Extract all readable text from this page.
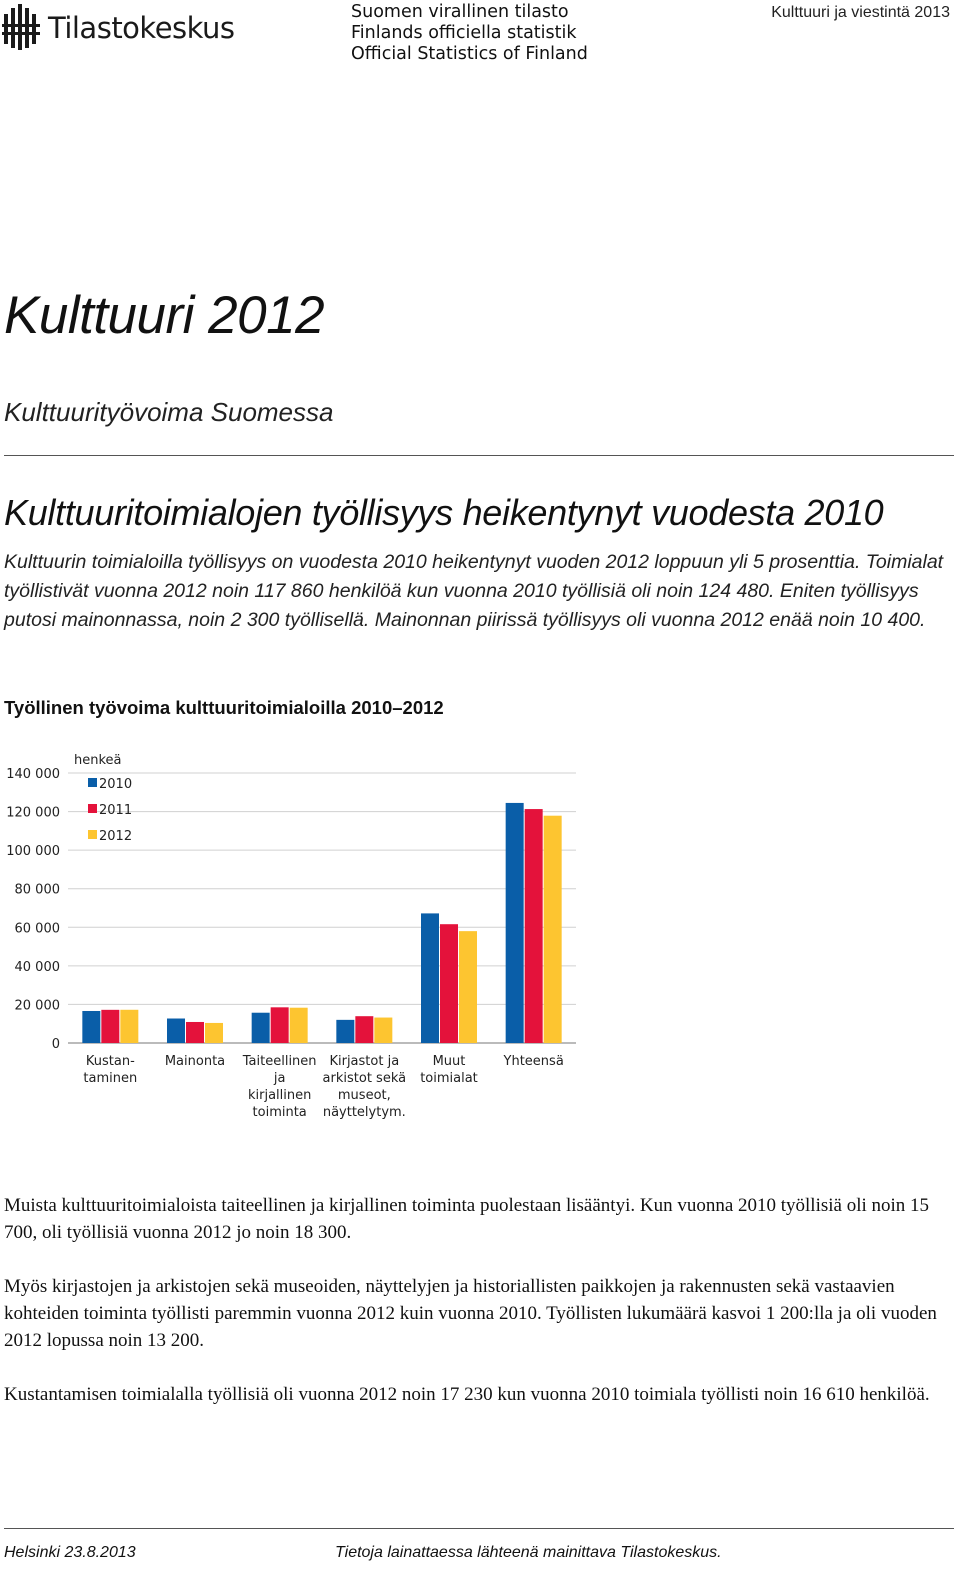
Tilastokeskus	Suomen virallinen tilasto
Finlands officiella statistik
Official Statistics of Finland
Kulttuuri ja viestintä 2013
Kulttuuri 2012
Kulttuurityövoima Suomessa
Kulttuuritoimialojen työllisyys heikentynyt vuodesta 2010

Kulttuurin toimialoilla työllisyys on vuodesta 2010 heikentynyt vuoden 2012 loppuun yli 5 prosenttia. Toimialat työllistivät vuonna 2012 noin 117 860 henkilöä kun vuonna 2010 työllisiä oli noin 124 480. Eniten työllisyys putosi mainonnassa, noin 2 300 työllisellä. Mainonnan piirissä työllisyys oli vuonna 2012 enää noin 10 400.

Työllinen työvoima kulttuuritoimialoilla 2010–2012
0
20 000
40 000
60 000
80 000
100 000
120 000
140 000
henkeä
2010
2011
2012
Kustan-
taminen
Mainonta Taiteellinen
ja
kirjallinen
toiminta
Kirjastot ja
arkistot sekä
museot,
näyttelytym.
Muut
toimialat
Yhteensä

Muista kulttuuritoimialoista taiteellinen ja kirjallinen toiminta puolestaan lisääntyi. Kun vuonna 2010 työllisiä oli noin 15 700, oli työllisiä vuonna 2012 jo noin 18 300.

Myös kirjastojen ja arkistojen sekä museoiden, näyttelyjen ja historiallisten paikkojen ja rakennusten sekä vastaavien kohteiden toiminta työllisti paremmin vuonna 2012 kuin vuonna 2010. Työllisten lukumäärä kasvoi 1 200:lla ja oli vuoden 2012 lopussa noin 13 200.

Kustantamisen toimialalla työllisiä oli vuonna 2012 noin 17 230 kun vuonna 2010 toimiala työllisti noin 16 610 henkilöä.

Helsinki 23.8.2013	Tietoja lainattaessa lähteenä mainittava Tilastokeskus.
